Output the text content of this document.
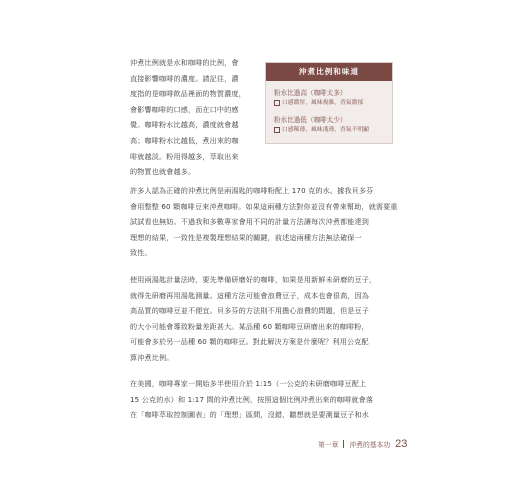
沖煮比例就是水和咖啡的比例，會
直接影響咖啡的濃度。請記住，濃
度指的是咖啡飲品裡面的物質濃度，
會影響咖啡的口感，而在口中的感
覺。咖啡粉水比越高，濃度就會越
高；咖啡粉水比越低，煮出來的咖
啡就越淡。粉用得越多，萃取出來
的物質也就會越多。
沖煮比例和味道
粉水比過高（咖啡太多）
口感濃厚，風味複雜，香氣濃郁
粉水比過低（咖啡太少）
口感稀薄，風味淺薄，香氣不明顯
許多人認為正確的沖煮比例是兩湯匙的咖啡粉配上 170 克的水。據我貝多芬
會用整整 60 顆咖啡豆來沖煮咖啡。如果這兩種方法對你並沒有帶來幫助，就需要重
試試看也無妨。不過我和多數專家會用不同的計量方法讓每次沖煮都能達到
理想的結果，一致性是複製理想結果的關鍵，前述這兩種方法無法確保一
致性。
使用兩湯匙計量法時，要先準備研磨好的咖啡，如果是用新鮮未研磨的豆子，
就得先研磨再用湯匙測量。這種方法可能會浪費豆子，成本也會很高，因為
高品質的咖啡豆並不便宜。貝多芬的方法則不用擔心浪費的問題，但是豆子
的大小可能會導致粉量差距甚大。某品種 60 顆咖啡豆研磨出來的咖啡粉，
可能會多於另一品種 60 顆的咖啡豆。對此解決方案是什麼呢？利用公克配
算沖煮比例。
在美國，咖啡專家一開始多半使用介於 1:15（一公克的未研磨咖啡豆配上
15 公克的水）和 1:17 間的沖煮比例，按照這個比例沖煮出來的咖啡就會落
在「咖啡萃取控制圖表」的「理想」區間，沒錯，聽想就是要測量豆子和水
第一章 沖煮的基本功 23
